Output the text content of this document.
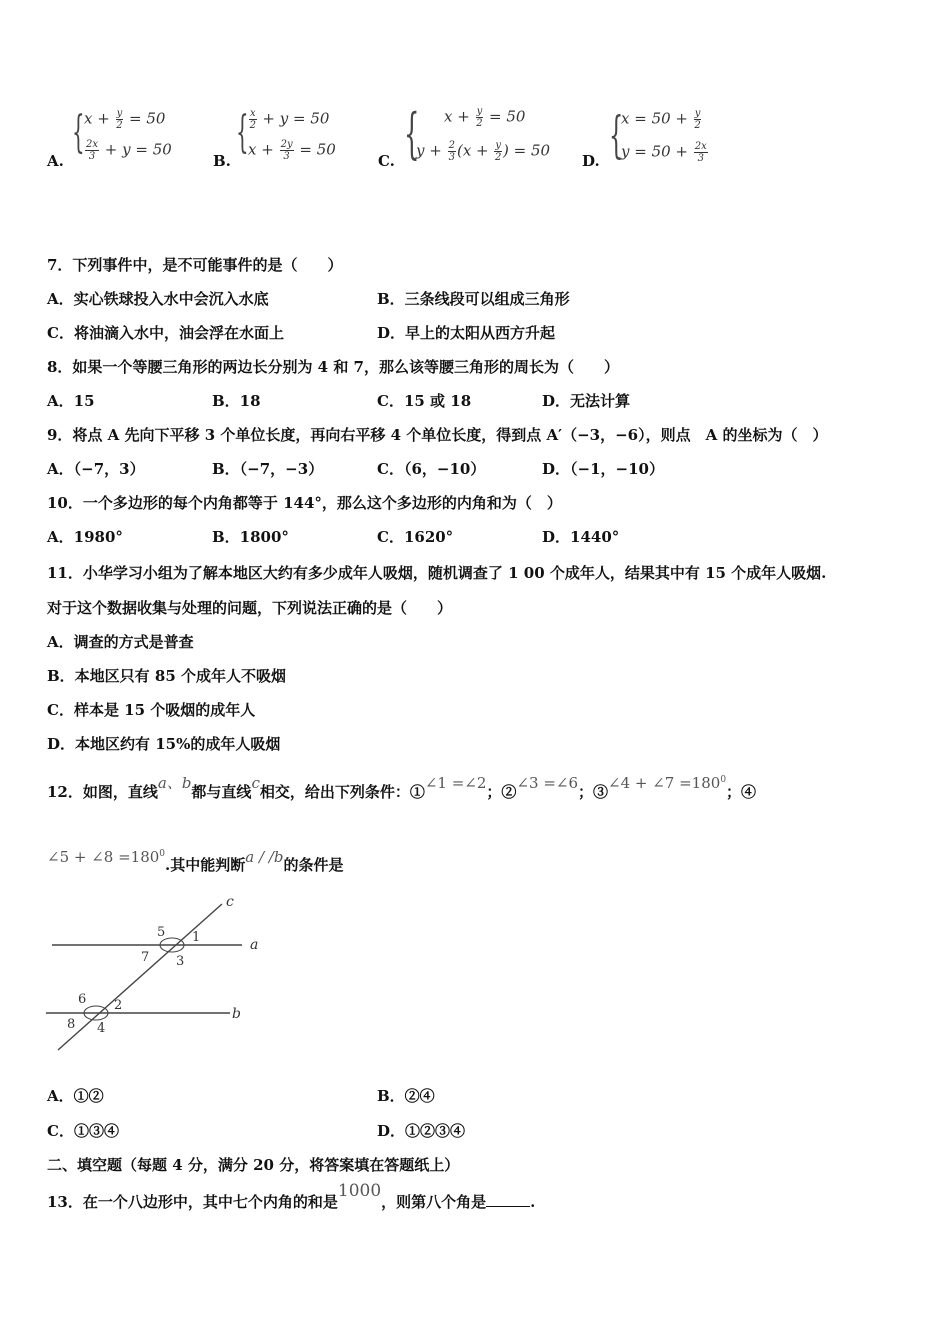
A.
{ $x + \frac{y}{2} = 50$
$\frac{2x}{3} + y = 50$
B.
{ $\frac{x}{2} + y = 50$
$x + \frac{2y}{3} = 50$
C. { $x + \frac{y}{2} = 50$
$y + \frac{2}{3} (x + \frac{y}{2}$ ) = 50
D. {
$x = 50 + \frac{y}{2}$
$y = 50 + \frac{2x}{3}$
7．下列事件中，是不可能事件的是（　　）
A．实心铁球投入水中会沉入水底	B．三条线段可以组成三角形
C．将油滴入水中，油会浮在水面上	D．早上的太阳从西方升起
8．如果一个等腰三角形的两边长分别为 4 和 7，那么该等腰三角形的周长为（　　）
A．15	B．18	C．15 或 18	D．无法计算
9．将点 A 先向下平移 3 个单位长度，再向右平移 4 个单位长度，得到点 A′（−3，−6），则点　A 的坐标为（　）
A．（−7，3）	B．（−7，−3）	C．（6，−10）	D．（−1，−10）
10．一个多边形的每个内角都等于 144°，那么这个多边形的内角和为（　）
A．1980°	B．1800°	C．1620°	D．1440°
11．小华学习小组为了解本地区大约有多少成年人吸烟，随机调查了 1 00 个成年人，结果其中有 15 个成年人吸烟.
对于这个数据收集与处理的问题，下列说法正确的是（　　）
A．调查的方式是普查
B．本地区只有 85 个成年人不吸烟
C．样本是 15 个吸烟的成年人
D．本地区约有 15%的成年人吸烟
12．如图，直线a、b都与直线c相交，给出下列条件：①∠1 =∠2；②∠3 =∠6；③∠4 + ∠7 $=180^0$；④
∠5 + ∠8 $=180^0$.其中能判断a / /b的条件是
c
a
b
5 1
7 3
6 2
8 4
A．①②	B．②④
C．①③④	D．①②③④
二、填空题（每题 4 分，满分 20 分，将答案填在答题纸上）
13．在一个八边形中，其中七个内角的和是1000，则第八个角是	.
